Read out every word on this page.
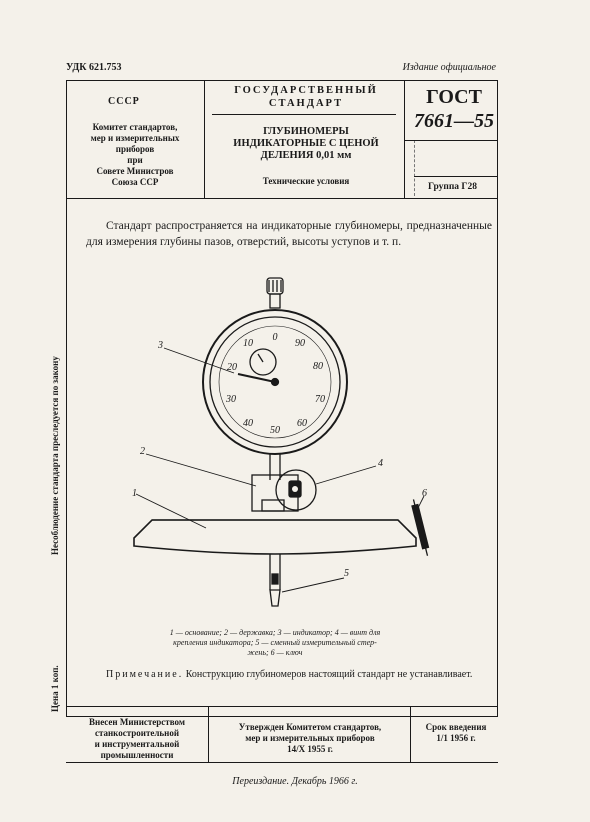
УДК 621.753	Издание официальное
СССР
Комитет стандартов,
мер и измерительных
приборов
при
Совете Министров
Союза ССР
ГОСУДАРСТВЕННЫЙ
СТАНДАРТ
ГЛУБИНОМЕРЫ
ИНДИКАТОРНЫЕ С ЦЕНОЙ
ДЕЛЕНИЯ 0,01 мм
Технические условия
ГОСТ
7661—55
Группа Г28
Стандарт распространяется на индикаторные глубиномеры, предназначенные для измерения глубины пазов, отверстий, высоты уступов и т. п.
0
90
80
70
60
50
40
30
20
10
3
2
1
4
5
6
1 — основание; 2 — державка; 3 — индикатор; 4 — винт для
крепления индикатора; 5 — сменный измерительный стер-
жень; 6 — ключ
Примечание. Конструкцию глубиномеров настоящий стандарт не устанавливает.
Внесен Министерством
станкостроительной
и инструментальной
промышленности
Утвержден Комитетом стандартов,
мер и измерительных приборов
14/X 1955 г.
Срок введения
1/1 1956 г.
Переиздание. Декабрь 1966 г.
Несоблюдение стандарта преследуется по закону
Цена 1 коп.
